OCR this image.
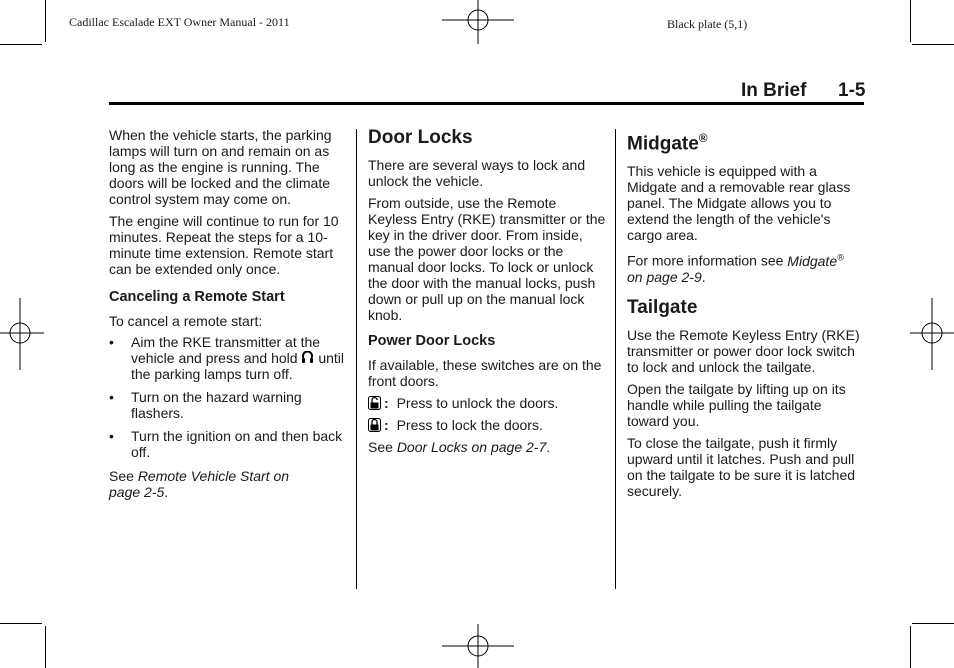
Cadillac Escalade EXT Owner Manual - 2011	Black plate (5,1)
In Brief 1-5

When the vehicle starts, the parking lamps will turn on and remain on as long as the engine is running. The doors will be locked and the climate control system may come on.

The engine will continue to run for 10 minutes. Repeat the steps for a 10-minute time extension. Remote start can be extended only once.

Canceling a Remote Start

To cancel a remote start:

• Aim the RKE transmitter at the vehicle and press and hold until the parking lamps turn off.
• Turn on the hazard warning flashers.
• Turn the ignition on and then back off.

See Remote Vehicle Start on page 2-5.

Door Locks

There are several ways to lock and unlock the vehicle.

From outside, use the Remote Keyless Entry (RKE) transmitter or the key in the driver door. From inside, use the power door locks or the manual door locks. To lock or unlock the door with the manual locks, push down or pull up on the manual lock knob.

Power Door Locks

If available, these switches are on the front doors.

: Press to unlock the doors.

: Press to lock the doors.

See Door Locks on page 2-7.

Midgate®

This vehicle is equipped with a Midgate and a removable rear glass panel. The Midgate allows you to extend the length of the vehicle's cargo area.

For more information see Midgate® on page 2-9.

Tailgate

Use the Remote Keyless Entry (RKE) transmitter or power door lock switch to lock and unlock the tailgate.

Open the tailgate by lifting up on its handle while pulling the tailgate toward you.

To close the tailgate, push it firmly upward until it latches. Push and pull on the tailgate to be sure it is latched securely.
